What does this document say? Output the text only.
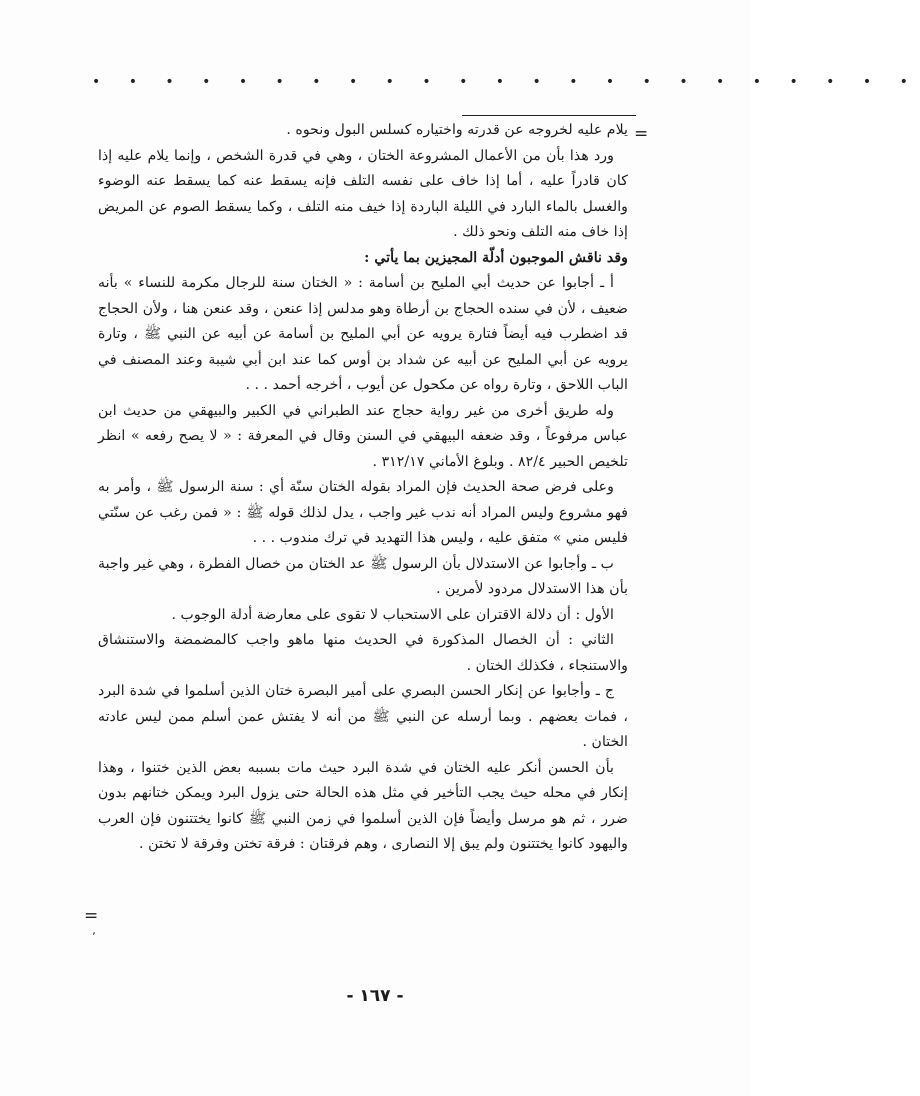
• • • • • • • • • • • • • • • • • • • • • • •
=

يلام عليه لخروجه عن قدرته واختياره كسلس البول ونحوه .

ورد هذا بأن من الأعمال المشروعة الختان ، وهي في قدرة الشخص ، وإنما يلام عليه إذا كان قادراً عليه ، أما إذا خاف على نفسه التلف فإنه يسقط عنه كما يسقط عنه الوضوء والغسل بالماء البارد في الليلة الباردة إذا خيف منه التلف ، وكما يسقط الصوم عن المريض إذا خاف منه التلف ونحو ذلك .

وقد ناقش الموجبون أدلّة المجيزين بما يأتي :

أ ـ أجابوا عن حديث أبي المليح بن أسامة : « الختان سنة للرجال مكرمة للنساء » بأنه ضعيف ، لأن في سنده الحجاج بن أرطاة وهو مدلس إذا عنعن ، وقد عنعن هنا ، ولأن الحجاج قد اضطرب فيه أيضاً فتارة يرويه عن أبي المليح بن أسامة عن أبيه عن النبي ﷺ ، وتارة يرويه عن أبي المليح عن أبيه عن شداد بن أوس كما عند ابن أبي شيبة وعند المصنف في الباب اللاحق ، وتارة رواه عن مكحول عن أيوب ، أخرجه أحمد . . .

وله طريق أخرى من غير رواية حجاج عند الطبراني في الكبير والبيهقي من حديث ابن عباس مرفوعاً ، وقد ضعفه البيهقي في السنن وقال في المعرفة : « لا يصح رفعه » انظر تلخيص الحبير ٨٢/٤ . وبلوغ الأماني ٣١٢/١٧ .

وعلى فرض صحة الحديث فإن المراد بقوله الختان سنّة أي : سنة الرسول ﷺ ، وأمر به فهو مشروع وليس المراد أنه ندب غير واجب ، يدل لذلك قوله ﷺ : « فمن رغب عن سنّتي فليس مني » متفق عليه ، وليس هذا التهديد في ترك مندوب . . .

ب ـ وأجابوا عن الاستدلال بأن الرسول ﷺ عد الختان من خصال الفطرة ، وهي غير واجبة بأن هذا الاستدلال مردود لأمرين .

الأول : أن دلالة الاقتران على الاستحباب لا تقوى على معارضة أدلة الوجوب .

الثاني : أن الخصال المذكورة في الحديث منها ماهو واجب كالمضمضة والاستنشاق والاستنجاء ، فكذلك الختان .

ج ـ وأجابوا عن إنكار الحسن البصري على أمير البصرة ختان الذين أسلموا في شدة البرد ، فمات بعضهم . وبما أرسله عن النبي ﷺ من أنه لا يفتش عمن أسلم ممن ليس عادته الختان .

بأن الحسن أنكر عليه الختان في شدة البرد حيث مات بسببه بعض الذين ختنوا ، وهذا إنكار في محله حيث يجب التأخير في مثل هذه الحالة حتى يزول البرد ويمكن ختانهم بدون ضرر ، ثم هو مرسل وأيضاً فإن الذين أسلموا في زمن النبي ﷺ كانوا يختتنون فإن العرب واليهود كانوا يختتنون ولم يبق إلا النصارى ، وهم فرقتان : فرقة تختن وفرقة لا تختن .

=
٬
- ١٦٧ -
